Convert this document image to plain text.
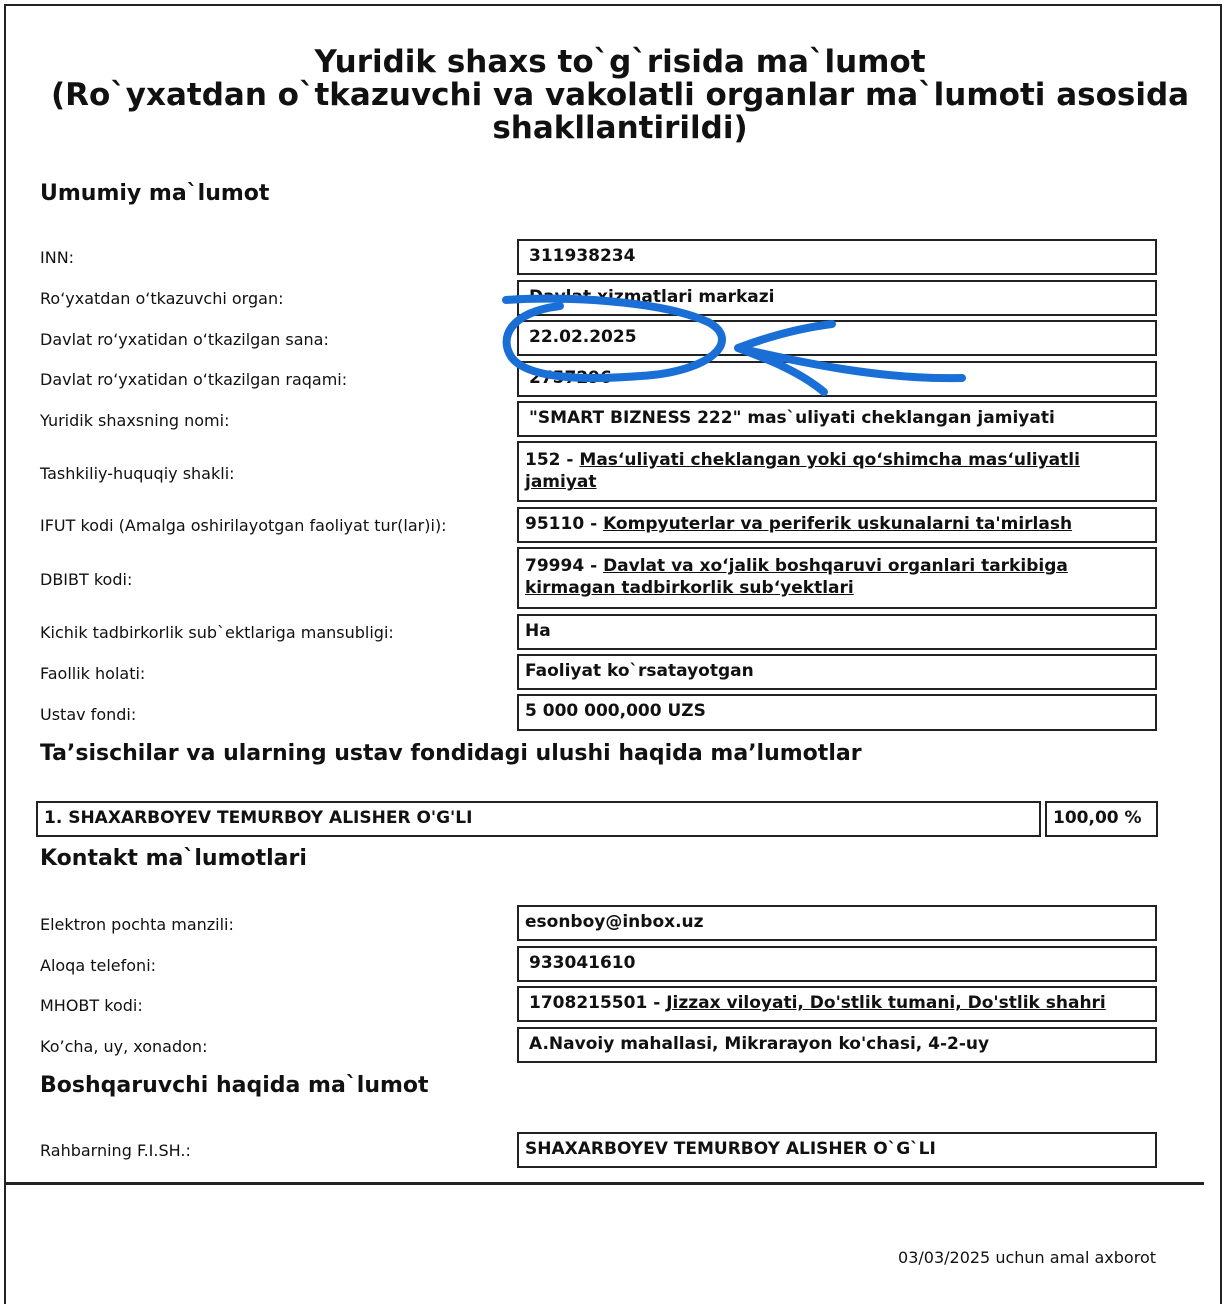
Yuridik shaxs to`g`risida ma`lumot
(Ro`yxatdan o`tkazuvchi va vakolatli organlar ma`lumoti asosida
shakllantirildi)
Umumiy ma`lumot
INN:	311938234
Ro‘yxatdan o‘tkazuvchi organ:	Davlat xizmatlari markazi
Davlat ro‘yxatidan o‘tkazilgan sana:	22.02.2025
Davlat ro‘yxatidan o‘tkazilgan raqami:	2757296
Yuridik shaxsning nomi:	"SMART BIZNESS 222" mas`uliyati cheklangan jamiyati
Tashkiliy-huquqiy shakli:
152 - Mas‘uliyati cheklangan yoki qo‘shimcha mas‘uliyatli jamiyat
IFUT kodi (Amalga oshirilayotgan faoliyat tur(lar)i):	95110 - Kompyuterlar va periferik uskunalarni ta'mirlash
DBIBT kodi:
79994 - Davlat va xo‘jalik boshqaruvi organlari tarkibiga kirmagan tadbirkorlik sub‘yektlari
Kichik tadbirkorlik sub`ektlariga mansubligi:	Ha
Faollik holati:	Faoliyat ko`rsatayotgan
Ustav fondi:	5 000 000,000 UZS
Ta’sischilar va ularning ustav fondidagi ulushi haqida ma’lumotlar
1. SHAXARBOYEV TEMURBOY ALISHER O'G'LI	100,00 %
Kontakt ma`lumotlari
Elektron pochta manzili:	esonboy@inbox.uz
Aloqa telefoni:	933041610
MHOBT kodi:	1708215501 - Jizzax viloyati, Do'stlik tumani, Do'stlik shahri
Ko’cha, uy, xonadon:	A.Navoiy mahallasi, Mikrarayon ko'chasi, 4-2-uy
Boshqaruvchi haqida ma`lumot
Rahbarning F.I.SH.:	SHAXARBOYEV TEMURBOY ALISHER O`G`LI
03/03/2025 uchun amal axborot
